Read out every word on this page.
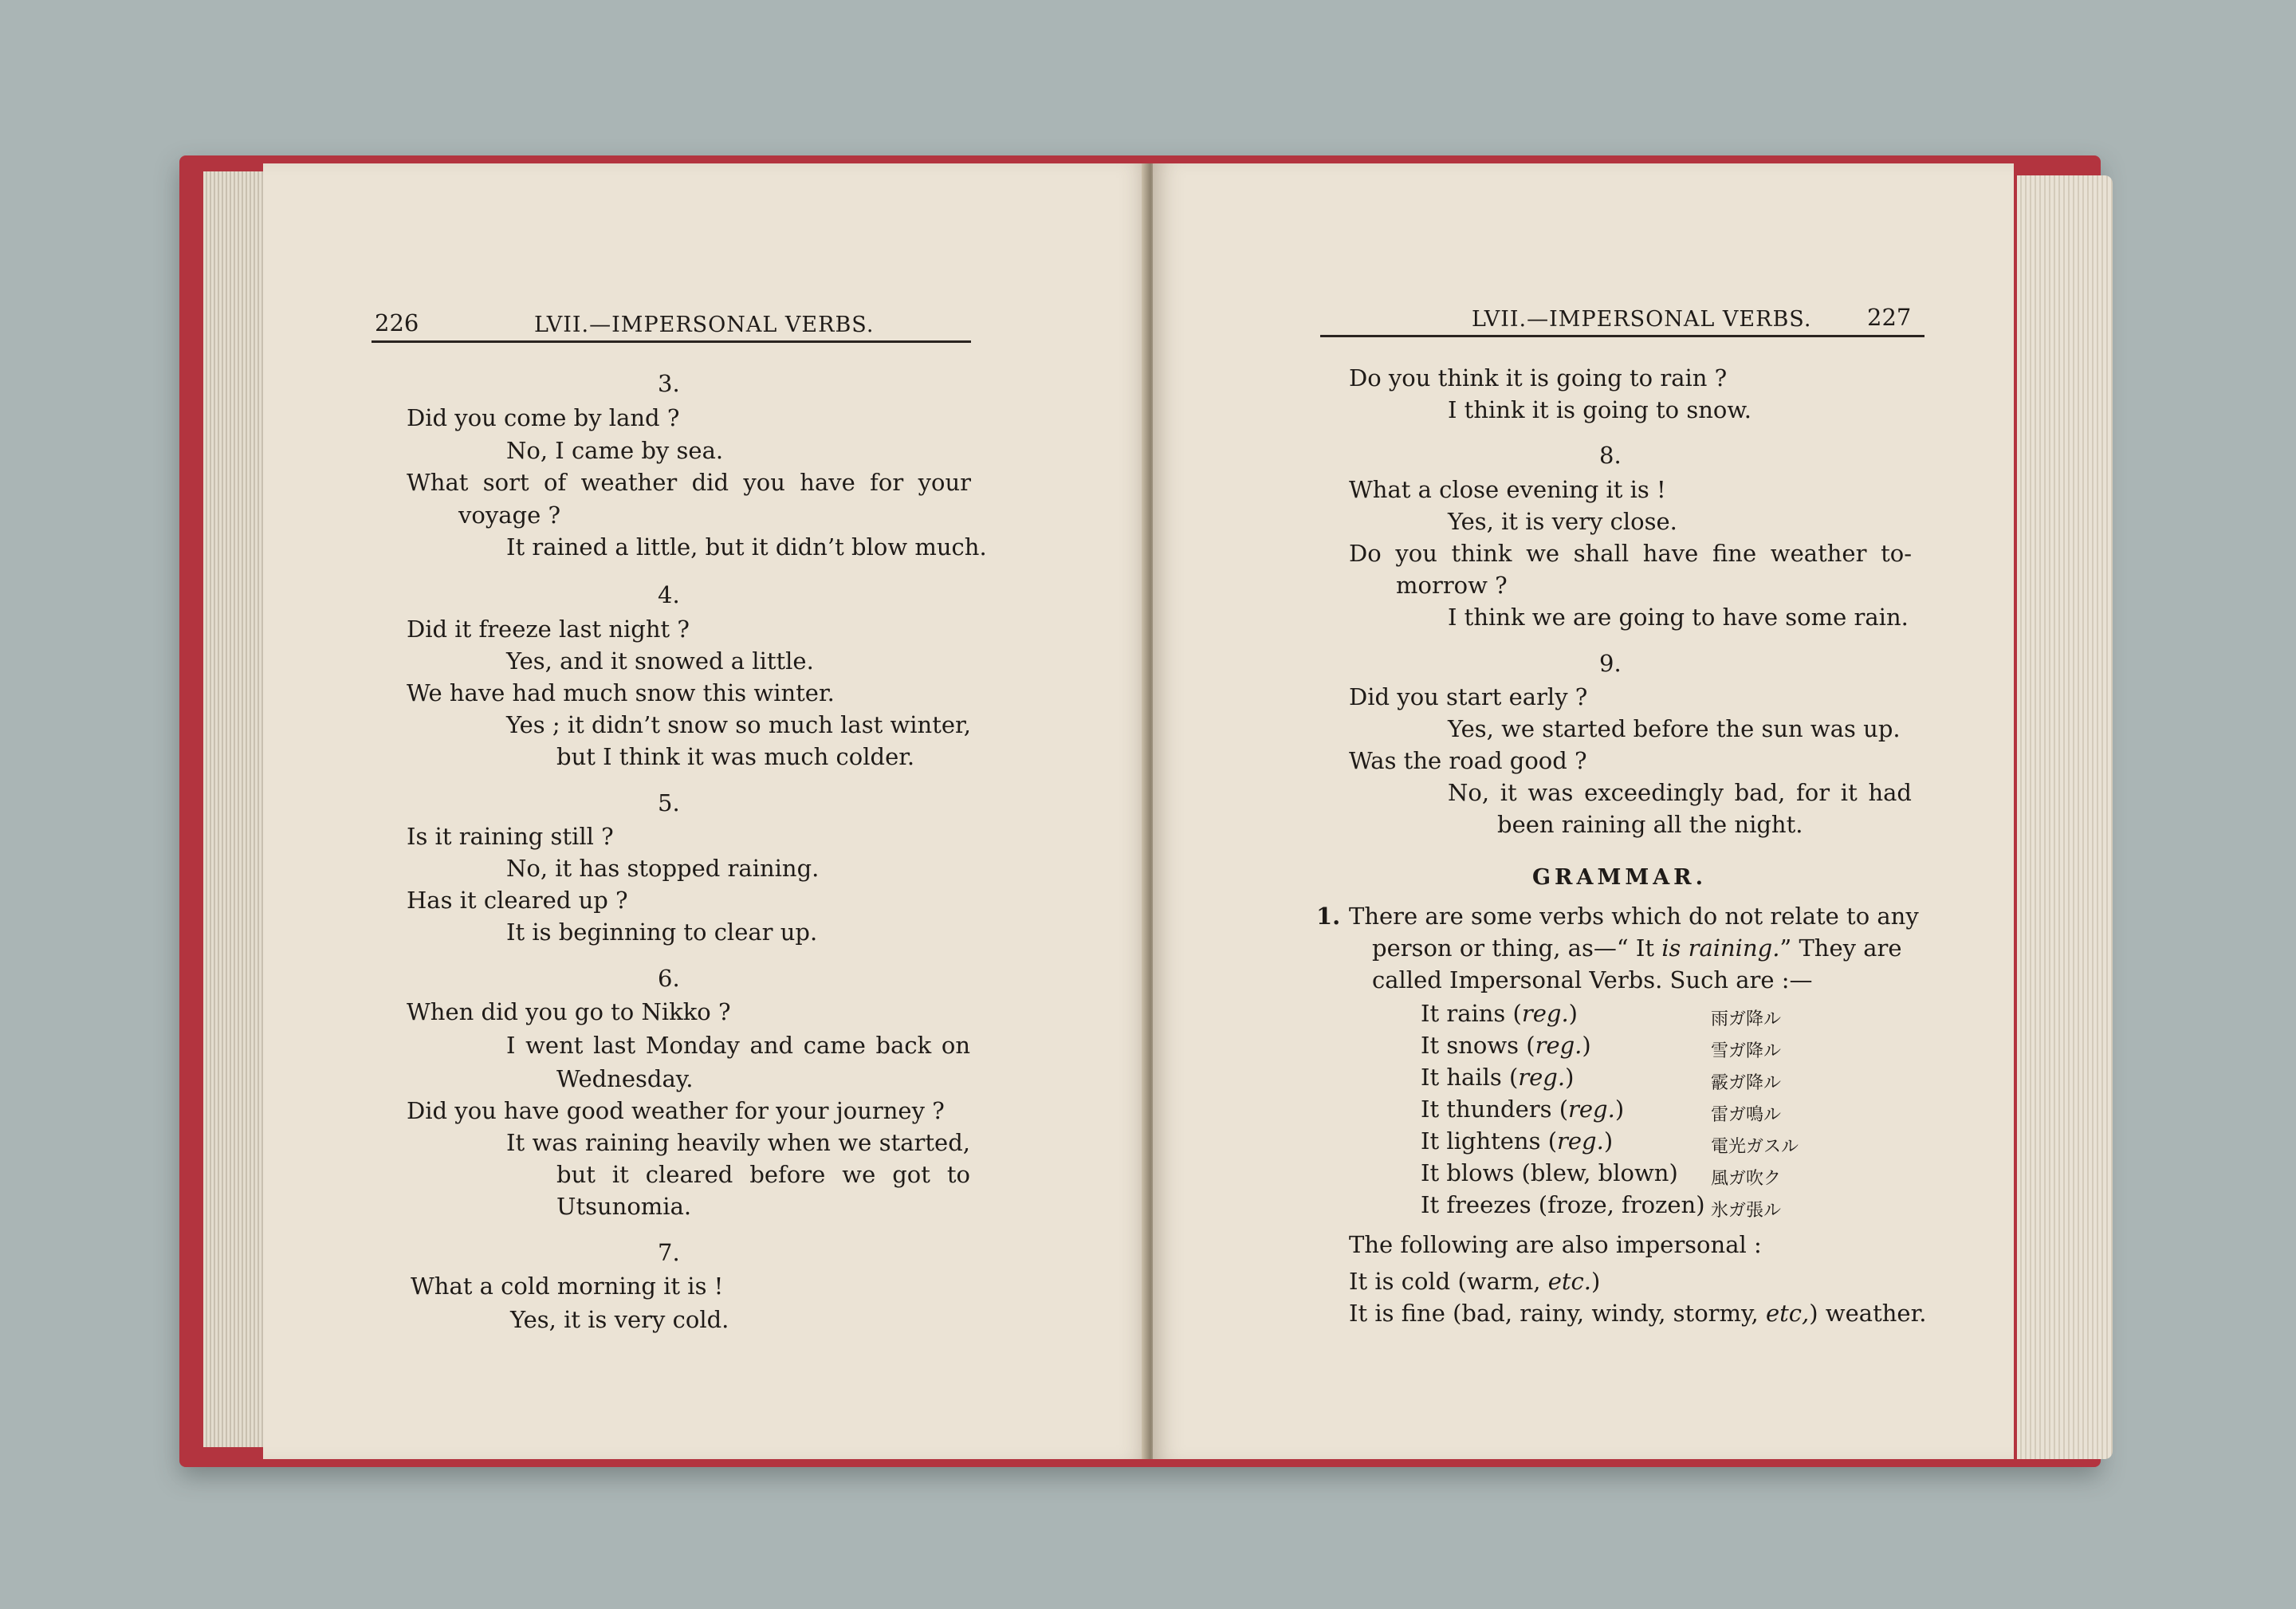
226	LVII.—IMPERSONAL VERBS.
3.
Did you come by land ?
No, I came by sea.
What sort of weather did you have for your
voyage ?
It rained a little, but it didn’t blow much.
4.
Did it freeze last night ?
Yes, and it snowed a little.
We have had much snow this winter.
Yes ; it didn’t snow so much last winter,
but I think it was much colder.
5.
Is it raining still ?
No, it has stopped raining.
Has it cleared up ?
It is beginning to clear up.
6.
When did you go to Nikko ?
I went last Monday and came back on
Wednesday.
Did you have good weather for your journey ?
It was raining heavily when we started,
but it cleared before we got to
Utsunomia.
7.
What a cold morning it is !
Yes, it is very cold.
LVII.—IMPERSONAL VERBS. 227
Do you think it is going to rain ?
I think it is going to snow.
8.
What a close evening it is !
Yes, it is very close.
Do you think we shall have fine weather to-
morrow ?
I think we are going to have some rain.
9.
Did you start early ?
Yes, we started before the sun was up.
Was the road good ?
No, it was exceedingly bad, for it had
been raining all the night.
GRAMMAR.
1. There are some verbs which do not relate to any
person or thing, as—“ It is raining.” They are
called Impersonal Verbs. Such are :—
It rains (reg.)	雨ガ降ル
It snows (reg.)	雪ガ降ル
It hails (reg.)	霰ガ降ル
It thunders (reg.)	雷ガ鳴ル
It lightens (reg.)	電光ガスル
It blows (blew, blown) 風ガ吹ク
It freezes (froze, frozen) 氷ガ張ル
The following are also impersonal :
It is cold (warm, etc.)
It is fine (bad, rainy, windy, stormy, etc,) weather.
